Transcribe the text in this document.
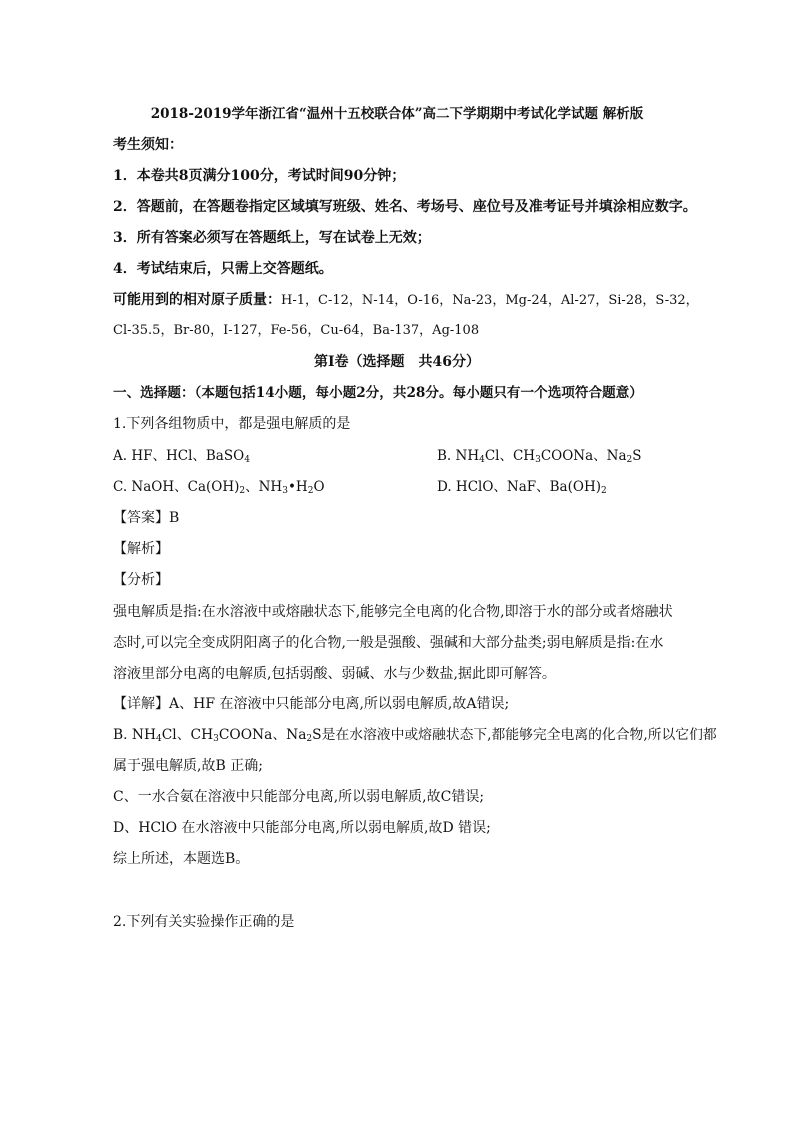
2018-2019学年浙江省“温州十五校联合体”高二下学期期中考试化学试题 解析版
考生须知：
1．本卷共8页满分100分，考试时间90分钟；
2．答题前，在答题卷指定区域填写班级、姓名、考场号、座位号及准考证号并填涂相应数字。
3．所有答案必须写在答题纸上，写在试卷上无效；
4．考试结束后，只需上交答题纸。
可能用到的相对原子质量：H-1，C-12，N-14，O-16，Na-23，Mg-24，Al-27，Si-28，S-32，
Cl-35.5，Br-80，I-127，Fe-56，Cu-64，Ba-137，Ag-108
第Ⅰ卷（选择题　共46分）
一、选择题：（本题包括14小题，每小题2分，共28分。每小题只有一个选项符合题意）
1.下列各组物质中，都是强电解质的是
A. HF、HCl、BaSO$_4$	B. $NH_4Cl$、$CH_3COONa$、$Na_2S$
C. NaOH、$Ca(OH)_2$、$NH_3•H_2O$	D. HClO、NaF、$Ba(OH)_2$
【答案】B
【解析】
【分析】
强电解质是指:在水溶液中或熔融状态下,能够完全电离的化合物,即溶于水的部分或者熔融状
态时,可以完全变成阴阳离子的化合物,一般是强酸、强碱和大部分盐类;弱电解质是指:在水
溶液里部分电离的电解质,包括弱酸、弱碱、水与少数盐,据此即可解答。
【详解】A、HF 在溶液中只能部分电离,所以弱电解质,故A错误;
B. $NH_4Cl$、$CH_3COONa$、$Na_2S$是在水溶液中或熔融状态下,都能够完全电离的化合物,所以它们都
属于强电解质,故B 正确;
C、一水合氨在溶液中只能部分电离,所以弱电解质,故C错误;
D、HClO 在水溶液中只能部分电离,所以弱电解质,故D 错误;
综上所述，本题选B。
2.下列有关实验操作正确的是
